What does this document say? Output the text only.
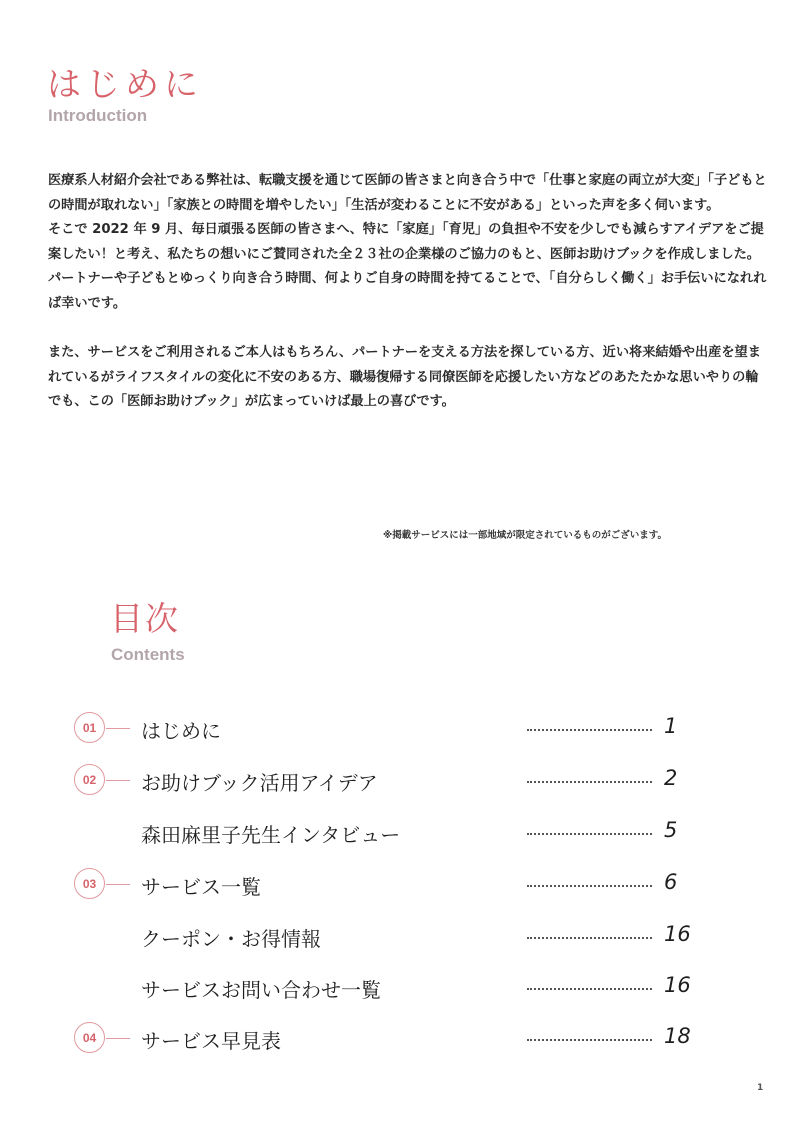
はじめに
Introduction

医療系人材紹介会社である弊社は、転職支援を通じて医師の皆さまと向き合う中で「仕事と家庭の両立が大変」「子どもとの時間が取れない」「家族との時間を増やしたい」「生活が変わることに不安がある」といった声を多く伺います。

そこで 2022 年 9 月、毎日頑張る医師の皆さまへ、特に「家庭」「育児」の負担や不安を少しでも減らすアイデアをご提案したい！と考え、私たちの想いにご賛同された全２３社の企業様のご協力のもと、医師お助けブックを作成しました。

パートナーや子どもとゆっくり向き合う時間、何よりご自身の時間を持てることで、「自分らしく働く」お手伝いになれれば幸いです。

また、サービスをご利用されるご本人はもちろん、パートナーを支える方法を探している方、近い将来結婚や出産を望まれているがライフスタイルの変化に不安のある方、職場復帰する同僚医師を応援したい方などのあたたかな思いやりの輪でも、この「医師お助けブック」が広まっていけば最上の喜びです。

※掲載サービスには一部地域が限定されているものがございます。
目次
Contents
01	はじめに	1
02	お助けブック活用アイデア	2
森田麻里子先生インタビュー	5
03	サービス一覧	6
クーポン・お得情報	16
サービスお問い合わせ一覧	16
04	サービス早見表	18
1
